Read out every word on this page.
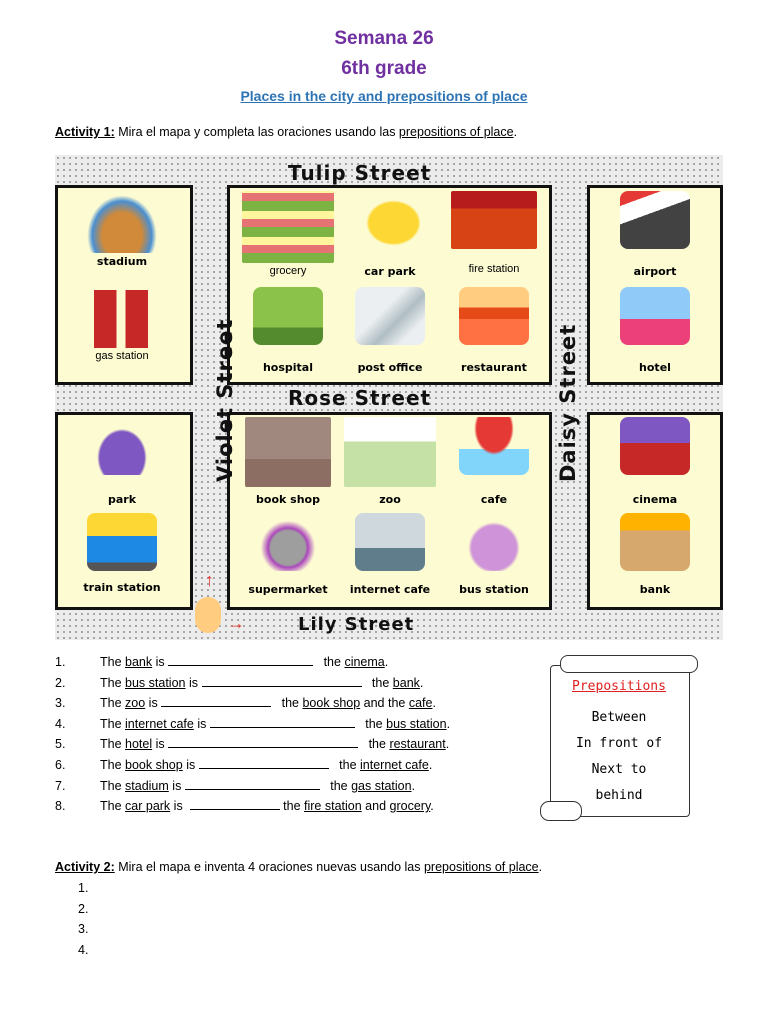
Semana 26
6th grade
Places in the city and prepositions of place
Activity 1: Mira el mapa y completa las oraciones usando las prepositions of place.
Tulip Street
Rose Street
Lily Street
Violet Street	Daisy Street
stadium
gas station
grocery	car park	fire station
hospital	post office	restaurant
airport
hotel
park
train station
book shop	zoo	cafe
supermarket	internet cafe	bus station
cinema
bank
↑
→
1.	The bank is	the cinema.
2.	The bus station is	the bank.
3.	The zoo is	the book shop and the cafe.
4.	The internet cafe is	the bus station.
5.	The hotel is	the restaurant.
6.	The book shop is	the internet cafe.
7.	The stadium is	the gas station.
8.	The car park is	the fire station and grocery.
Prepositions
Between
In front of
Next to
behind
Activity 2: Mira el mapa e inventa 4 oraciones nuevas usando las prepositions of place.
1.
2.
3.
4.
